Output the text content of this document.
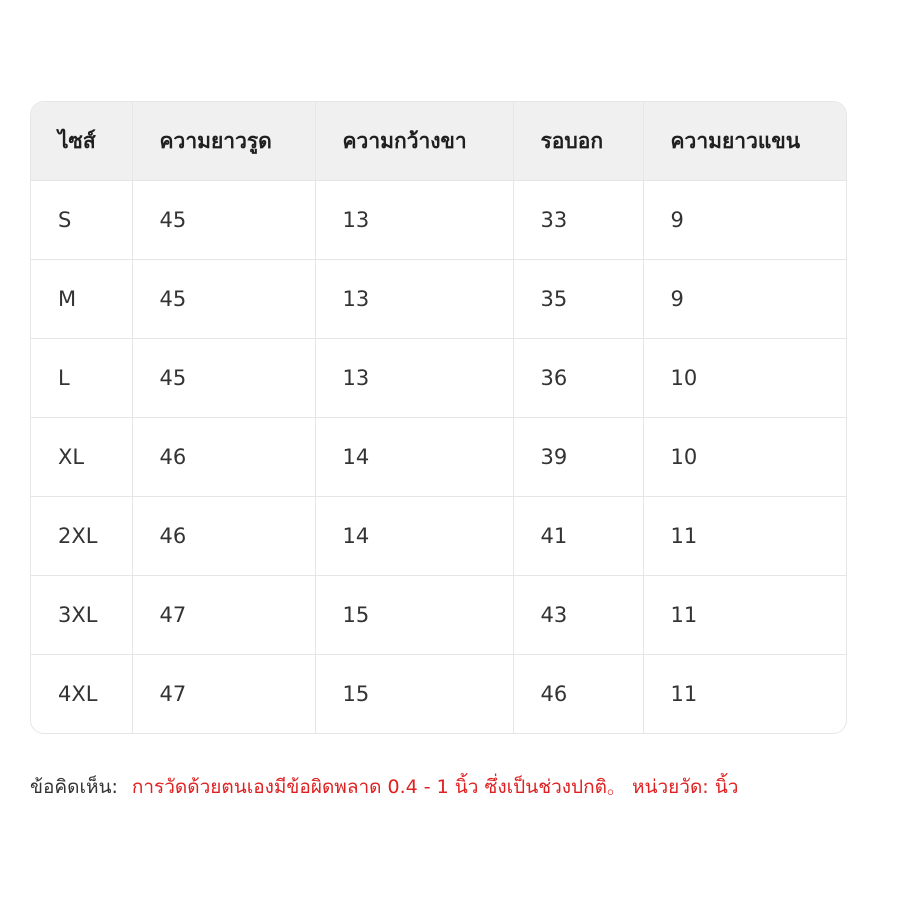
ไซส์	ความยาวรูด	ความกว้างขา	รอบอก	ความยาวแขน
S	45	13	33	9
M	45	13	35	9
L	45	13	36	10
XL	46	14	39	10
2XL	46	14	41	11
3XL	47	15	43	11
4XL	47	15	46	11
ข้อคิดเห็น: การวัดด้วยตนเองมีข้อผิดพลาด 0.4 - 1 นิ้ว ซึ่งเป็นช่วงปกติ。 หน่วยวัด: นิ้ว
